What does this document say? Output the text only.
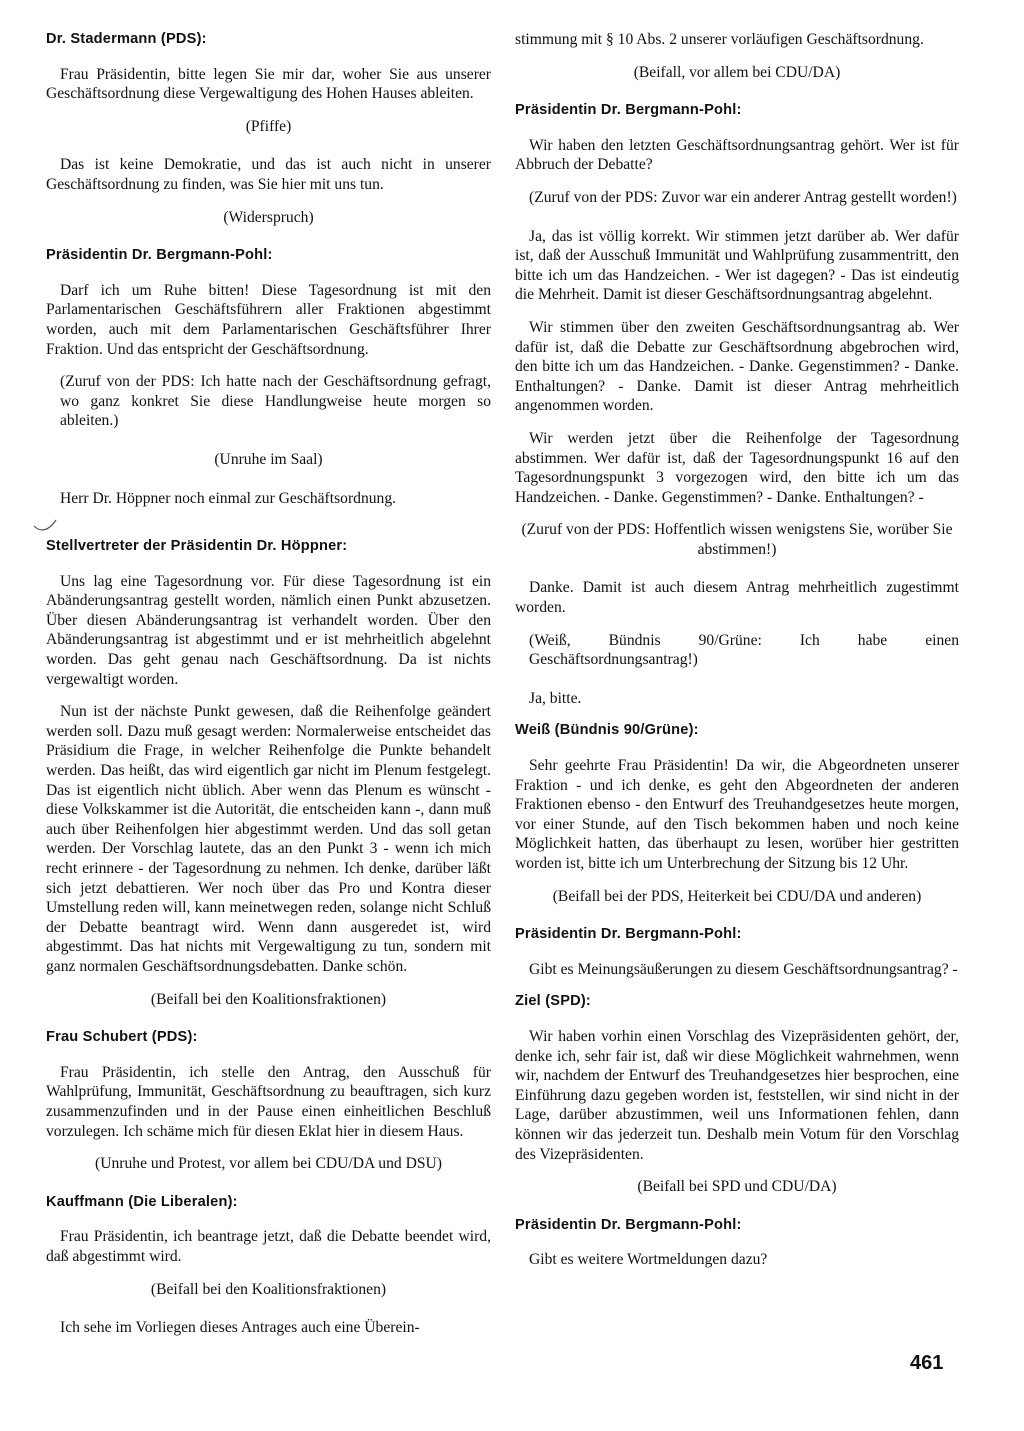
Dr. Stadermann (PDS):
Frau Präsidentin, bitte legen Sie mir dar, woher Sie aus unserer Geschäftsordnung diese Vergewaltigung des Hohen Hauses ableiten.
(Pfiffe)
Das ist keine Demokratie, und das ist auch nicht in unserer Geschäftsordnung zu finden, was Sie hier mit uns tun.
(Widerspruch)
Präsidentin Dr. Bergmann-Pohl:
Darf ich um Ruhe bitten! Diese Tagesordnung ist mit den Parlamentarischen Geschäftsführern aller Fraktionen abgestimmt worden, auch mit dem Parlamentarischen Geschäftsführer Ihrer Fraktion. Und das entspricht der Geschäftsordnung.
(Zuruf von der PDS: Ich hatte nach der Geschäftsordnung gefragt, wo ganz konkret Sie diese Handlungweise heute morgen so ableiten.)
(Unruhe im Saal)
Herr Dr. Höppner noch einmal zur Geschäftsordnung.
Stellvertreter der Präsidentin Dr. Höppner:
Uns lag eine Tagesordnung vor. Für diese Tagesordnung ist ein Abänderungsantrag gestellt worden, nämlich einen Punkt abzusetzen. Über diesen Abänderungsantrag ist verhandelt worden. Über den Abänderungsantrag ist abgestimmt und er ist mehrheitlich abgelehnt worden. Das geht genau nach Geschäftsordnung. Da ist nichts vergewaltigt worden.
Nun ist der nächste Punkt gewesen, daß die Reihenfolge geändert werden soll. Dazu muß gesagt werden: Normalerweise entscheidet das Präsidium die Frage, in welcher Reihenfolge die Punkte behandelt werden. Das heißt, das wird eigentlich gar nicht im Plenum festgelegt. Das ist eigentlich nicht üblich. Aber wenn das Plenum es wünscht - diese Volkskammer ist die Autorität, die entscheiden kann -, dann muß auch über Reihenfolgen hier abgestimmt werden. Und das soll getan werden. Der Vorschlag lautete, das an den Punkt 3 - wenn ich mich recht erinnere - der Tagesordnung zu nehmen. Ich denke, darüber läßt sich jetzt debattieren. Wer noch über das Pro und Kontra dieser Umstellung reden will, kann meinetwegen reden, solange nicht Schluß der Debatte beantragt wird. Wenn dann ausgeredet ist, wird abgestimmt. Das hat nichts mit Vergewaltigung zu tun, sondern mit ganz normalen Geschäftsordnungsdebatten. Danke schön.
(Beifall bei den Koalitionsfraktionen)
Frau Schubert (PDS):
Frau Präsidentin, ich stelle den Antrag, den Ausschuß für Wahlprüfung, Immunität, Geschäftsordnung zu beauftragen, sich kurz zusammenzufinden und in der Pause einen einheitlichen Beschluß vorzulegen. Ich schäme mich für diesen Eklat hier in diesem Haus.
(Unruhe und Protest, vor allem bei CDU/DA und DSU)
Kauffmann (Die Liberalen):
Frau Präsidentin, ich beantrage jetzt, daß die Debatte beendet wird, daß abgestimmt wird.
(Beifall bei den Koalitionsfraktionen)
Ich sehe im Vorliegen dieses Antrages auch eine Überein-
stimmung mit § 10 Abs. 2 unserer vorläufigen Geschäftsordnung.
(Beifall, vor allem bei CDU/DA)
Präsidentin Dr. Bergmann-Pohl:
Wir haben den letzten Geschäftsordnungsantrag gehört. Wer ist für Abbruch der Debatte?
(Zuruf von der PDS: Zuvor war ein anderer Antrag gestellt worden!)
Ja, das ist völlig korrekt. Wir stimmen jetzt darüber ab. Wer dafür ist, daß der Ausschuß Immunität und Wahlprüfung zusammentritt, den bitte ich um das Handzeichen. - Wer ist dagegen? - Das ist eindeutig die Mehrheit. Damit ist dieser Geschäftsordnungsantrag abgelehnt.
Wir stimmen über den zweiten Geschäftsordnungsantrag ab. Wer dafür ist, daß die Debatte zur Geschäftsordnung abgebrochen wird, den bitte ich um das Handzeichen. - Danke. Gegenstimmen? - Danke. Enthaltungen? - Danke. Damit ist dieser Antrag mehrheitlich angenommen worden.
Wir werden jetzt über die Reihenfolge der Tagesordnung abstimmen. Wer dafür ist, daß der Tagesordnungspunkt 16 auf den Tagesordnungspunkt 3 vorgezogen wird, den bitte ich um das Handzeichen. - Danke. Gegenstimmen? - Danke. Enthaltungen? -
(Zuruf von der PDS: Hoffentlich wissen wenigstens Sie, worüber Sie abstimmen!)
Danke. Damit ist auch diesem Antrag mehrheitlich zugestimmt worden.
(Weiß, Bündnis 90/Grüne: Ich habe einen Geschäftsordnungsantrag!)
Ja, bitte.
Weiß (Bündnis 90/Grüne):
Sehr geehrte Frau Präsidentin! Da wir, die Abgeordneten unserer Fraktion - und ich denke, es geht den Abgeordneten der anderen Fraktionen ebenso - den Entwurf des Treuhandgesetzes heute morgen, vor einer Stunde, auf den Tisch bekommen haben und noch keine Möglichkeit hatten, das überhaupt zu lesen, worüber hier gestritten worden ist, bitte ich um Unterbrechung der Sitzung bis 12 Uhr.
(Beifall bei der PDS, Heiterkeit bei CDU/DA und anderen)
Präsidentin Dr. Bergmann-Pohl:
Gibt es Meinungsäußerungen zu diesem Geschäftsordnungsantrag? -
Ziel (SPD):
Wir haben vorhin einen Vorschlag des Vizepräsidenten gehört, der, denke ich, sehr fair ist, daß wir diese Möglichkeit wahrnehmen, wenn wir, nachdem der Entwurf des Treuhandgesetzes hier besprochen, eine Einführung dazu gegeben worden ist, feststellen, wir sind nicht in der Lage, darüber abzustimmen, weil uns Informationen fehlen, dann können wir das jederzeit tun. Deshalb mein Votum für den Vorschlag des Vizepräsidenten.
(Beifall bei SPD und CDU/DA)
Präsidentin Dr. Bergmann-Pohl:
Gibt es weitere Wortmeldungen dazu?
461
